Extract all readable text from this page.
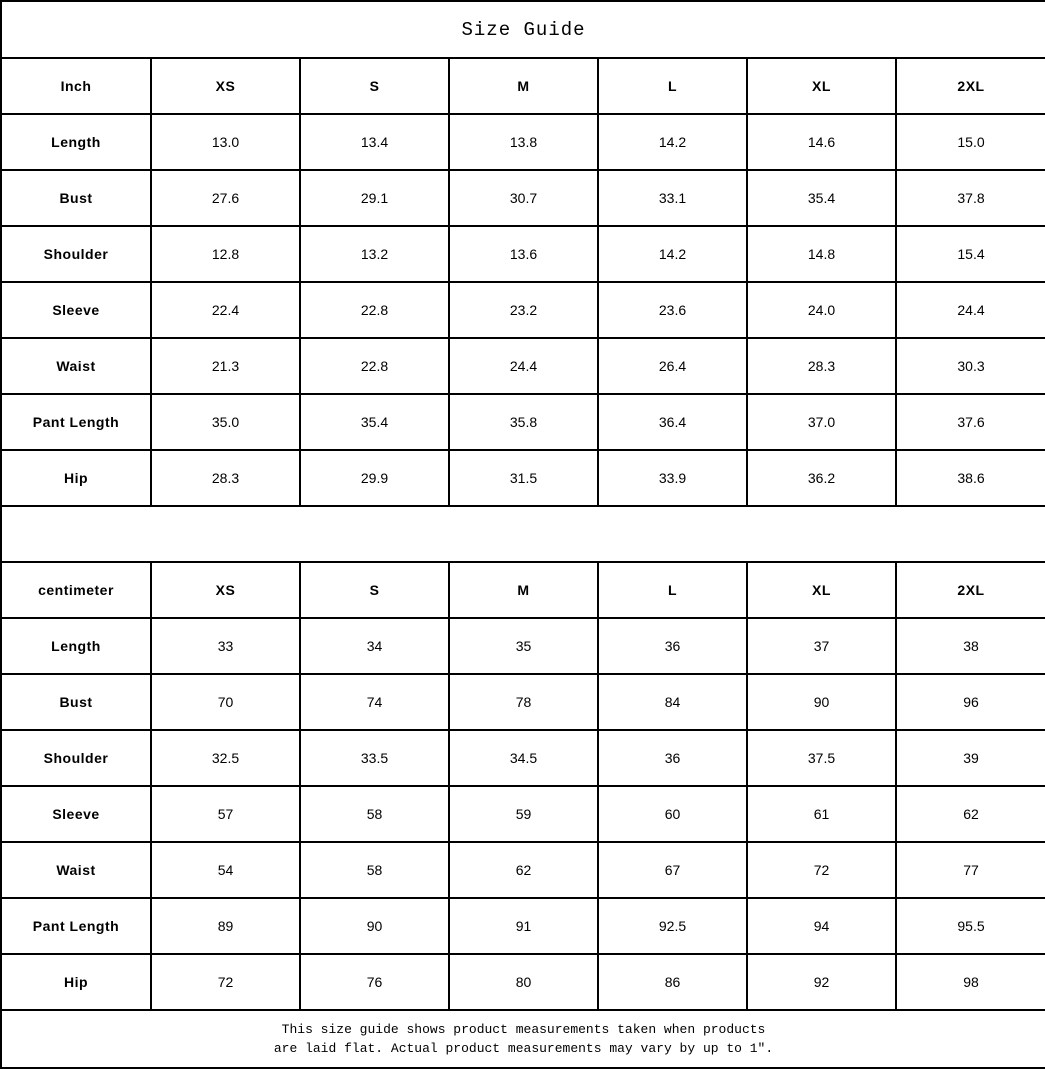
Size Guide						
Inch	XS	S	M	L	XL	2XL
Length	13.0	13.4	13.8	14.2	14.6	15.0
Bust	27.6	29.1	30.7	33.1	35.4	37.8
Shoulder	12.8	13.2	13.6	14.2	14.8	15.4
Sleeve	22.4	22.8	23.2	23.6	24.0	24.4
Waist	21.3	22.8	24.4	26.4	28.3	30.3
Pant Length	35.0	35.4	35.8	36.4	37.0	37.6
Hip	28.3	29.9	31.5	33.9	36.2	38.6

centimeter	XS	S	M	L	XL	2XL
Length	33	34	35	36	37	38
Bust	70	74	78	84	90	96
Shoulder	32.5	33.5	34.5	36	37.5	39
Sleeve	57	58	59	60	61	62
Waist	54	58	62	67	72	77
Pant Length	89	90	91	92.5	94	95.5
Hip	72	76	80	86	92	98

This size guide shows product measurements taken when products
are laid flat. Actual product measurements may vary by up to 1″.						
